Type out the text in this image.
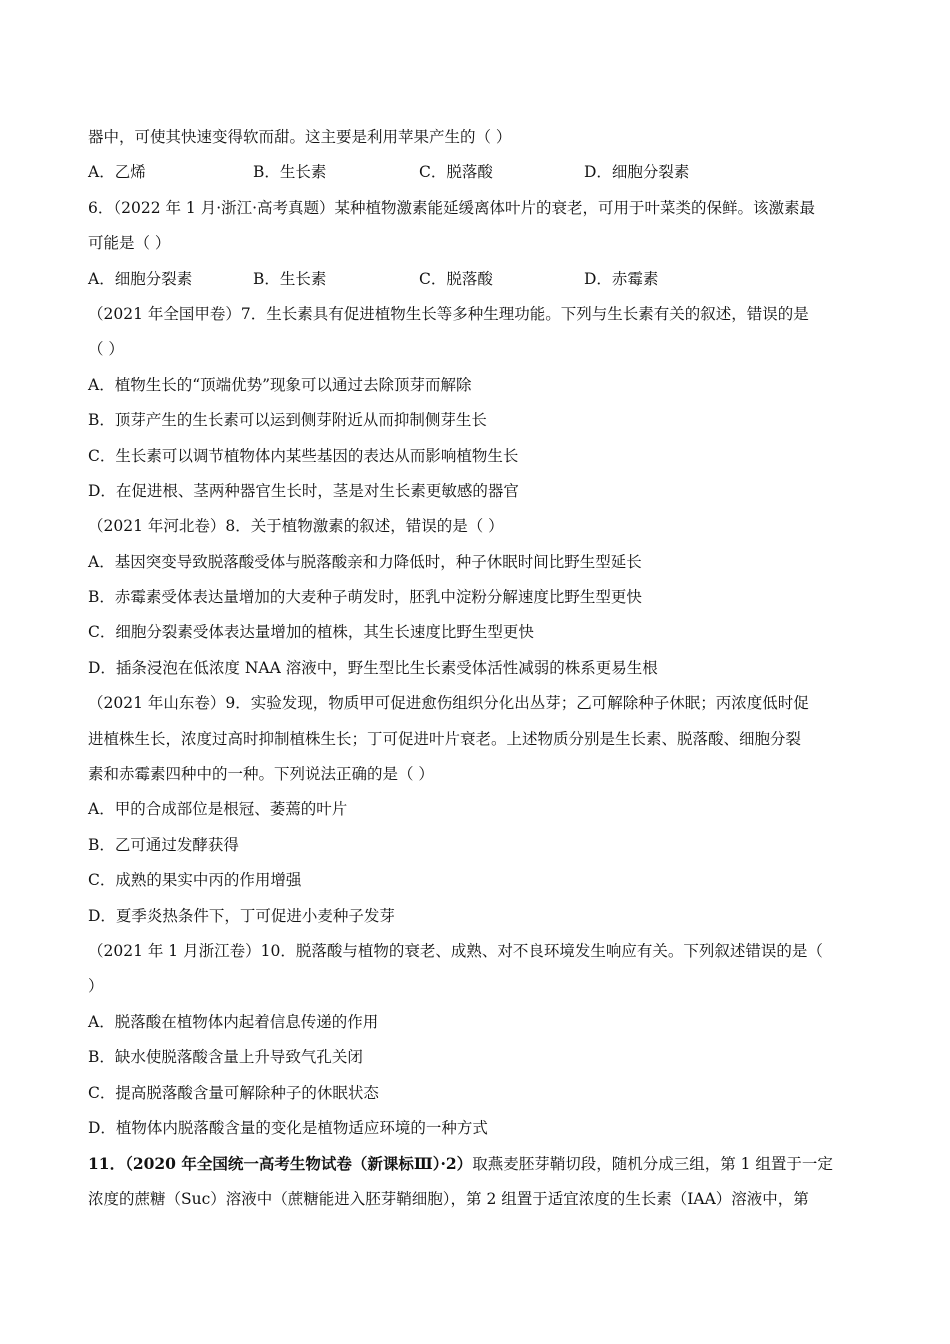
器中，可使其快速变得软而甜。这主要是利用苹果产生的（ ）
A．乙烯	B．生长素	C．脱落酸	D．细胞分裂素
6．（2022 年 1 月·浙江·高考真题）某种植物激素能延缓离体叶片的衰老，可用于叶菜类的保鲜。该激素最
可能是（ ）
A．细胞分裂素	B．生长素	C．脱落酸	D．赤霉素
（2021 年全国甲卷）7．生长素具有促进植物生长等多种生理功能。下列与生长素有关的叙述，错误的是
（ ）
A．植物生长的“顶端优势”现象可以通过去除顶芽而解除
B．顶芽产生的生长素可以运到侧芽附近从而抑制侧芽生长
C．生长素可以调节植物体内某些基因的表达从而影响植物生长
D．在促进根、茎两种器官生长时，茎是对生长素更敏感的器官
（2021 年河北卷）8．关于植物激素的叙述，错误的是（ ）
A．基因突变导致脱落酸受体与脱落酸亲和力降低时，种子休眠时间比野生型延长
B．赤霉素受体表达量增加的大麦种子萌发时，胚乳中淀粉分解速度比野生型更快
C．细胞分裂素受体表达量增加的植株，其生长速度比野生型更快
D．插条浸泡在低浓度 NAA 溶液中，野生型比生长素受体活性减弱的株系更易生根
（2021 年山东卷）9．实验发现，物质甲可促进愈伤组织分化出丛芽；乙可解除种子休眠；丙浓度低时促
进植株生长，浓度过高时抑制植株生长；丁可促进叶片衰老。上述物质分别是生长素、脱落酸、细胞分裂
素和赤霉素四种中的一种。下列说法正确的是（ ）
A．甲的合成部位是根冠、萎蔫的叶片
B．乙可通过发酵获得
C．成熟的果实中丙的作用增强
D．夏季炎热条件下，丁可促进小麦种子发芽
（2021 年 1 月浙江卷）10．脱落酸与植物的衰老、成熟、对不良环境发生响应有关。下列叙述错误的是（
）
A．脱落酸在植物体内起着信息传递的作用
B．缺水使脱落酸含量上升导致气孔关闭
C．提高脱落酸含量可解除种子的休眠状态
D．植物体内脱落酸含量的变化是植物适应环境的一种方式
11．（2020 年全国统一高考生物试卷（新课标Ⅲ）·2）取燕麦胚芽鞘切段，随机分成三组，第 1 组置于一定
浓度的蔗糖（Suc）溶液中（蔗糖能进入胚芽鞘细胞），第 2 组置于适宜浓度的生长素（IAA）溶液中，第
